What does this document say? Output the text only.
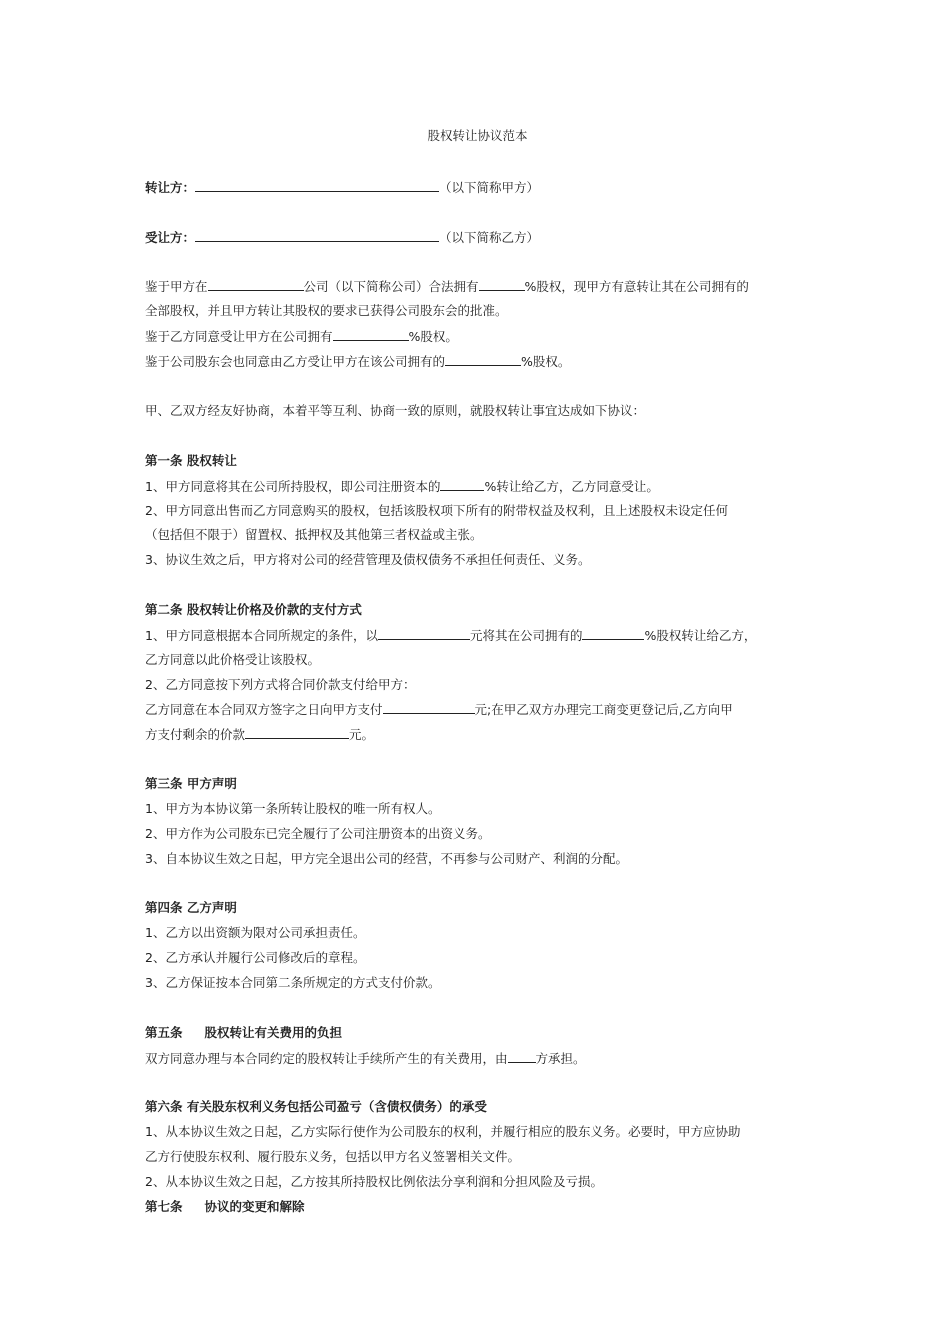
股权转让协议范本
转让方：	（以下简称甲方）
受让方：	（以下简称乙方）
鉴于甲方在	公司（以下简称公司）合法拥有	%股权，现甲方有意转让其在公司拥有的
全部股权，并且甲方转让其股权的要求已获得公司股东会的批准。
鉴于乙方同意受让甲方在公司拥有	%股权。
鉴于公司股东会也同意由乙方受让甲方在该公司拥有的	%股权。
甲、乙双方经友好协商，本着平等互利、协商一致的原则，就股权转让事宜达成如下协议：
第一条 股权转让
1、甲方同意将其在公司所持股权，即公司注册资本的	%转让给乙方，乙方同意受让。
2、甲方同意出售而乙方同意购买的股权，包括该股权项下所有的附带权益及权利，且上述股权未设定任何
（包括但不限于）留置权、抵押权及其他第三者权益或主张。
3、协议生效之后，甲方将对公司的经营管理及债权债务不承担任何责任、义务。
第二条 股权转让价格及价款的支付方式
1、甲方同意根据本合同所规定的条件，以	元将其在公司拥有的	%股权转让给乙方，
乙方同意以此价格受让该股权。
2、乙方同意按下列方式将合同价款支付给甲方：
乙方同意在本合同双方签字之日向甲方支付	元;在甲乙双方办理完工商变更登记后,乙方向甲
方支付剩余的价款	元。
第三条 甲方声明
1、甲方为本协议第一条所转让股权的唯一所有权人。
2、甲方作为公司股东已完全履行了公司注册资本的出资义务。
3、自本协议生效之日起，甲方完全退出公司的经营，不再参与公司财产、利润的分配。
第四条 乙方声明
1、乙方以出资额为限对公司承担责任。
2、乙方承认并履行公司修改后的章程。
3、乙方保证按本合同第二条所规定的方式支付价款。
第五条 股权转让有关费用的负担
双方同意办理与本合同约定的股权转让手续所产生的有关费用，由 方承担。
第六条 有关股东权利义务包括公司盈亏（含债权债务）的承受
1、从本协议生效之日起，乙方实际行使作为公司股东的权利，并履行相应的股东义务。必要时，甲方应协助
乙方行使股东权利、履行股东义务，包括以甲方名义签署相关文件。
2、从本协议生效之日起，乙方按其所持股权比例依法分享利润和分担风险及亏损。
第七条 协议的变更和解除
